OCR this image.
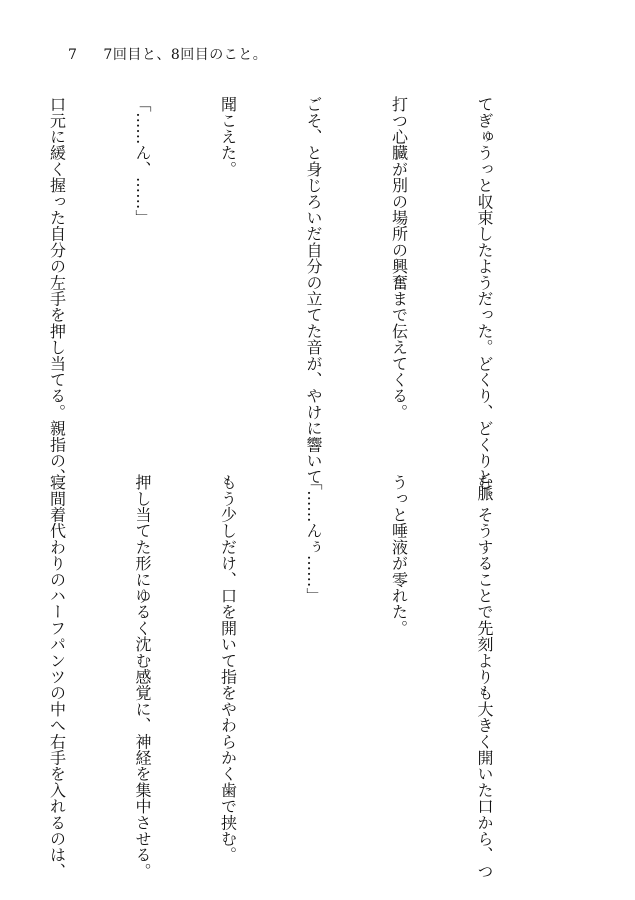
7 7回目と、8回目のこと。

てぎゅうっと収束したようだった。どくり、どくりと脈

打つ心臓が別の場所の興奮まで伝えてくる。

ごそ、と身じろいだ自分の立てた音が、やけに響いて

聞こえた。

「……ん、……」

口元に緩く握った自分の左手を押し当てる。親指の、

む。そうすることで先刻よりも大きく開いた口から、つ

うっと唾液が零れた。

「……んぅ……」

もう少しだけ、口を開いて指をやわらかく歯で挟む。

押し当てた形にゆるく沈む感覚に、神経を集中させる。

寝間着代わりのハーフパンツの中へ右手を入れるのは、
